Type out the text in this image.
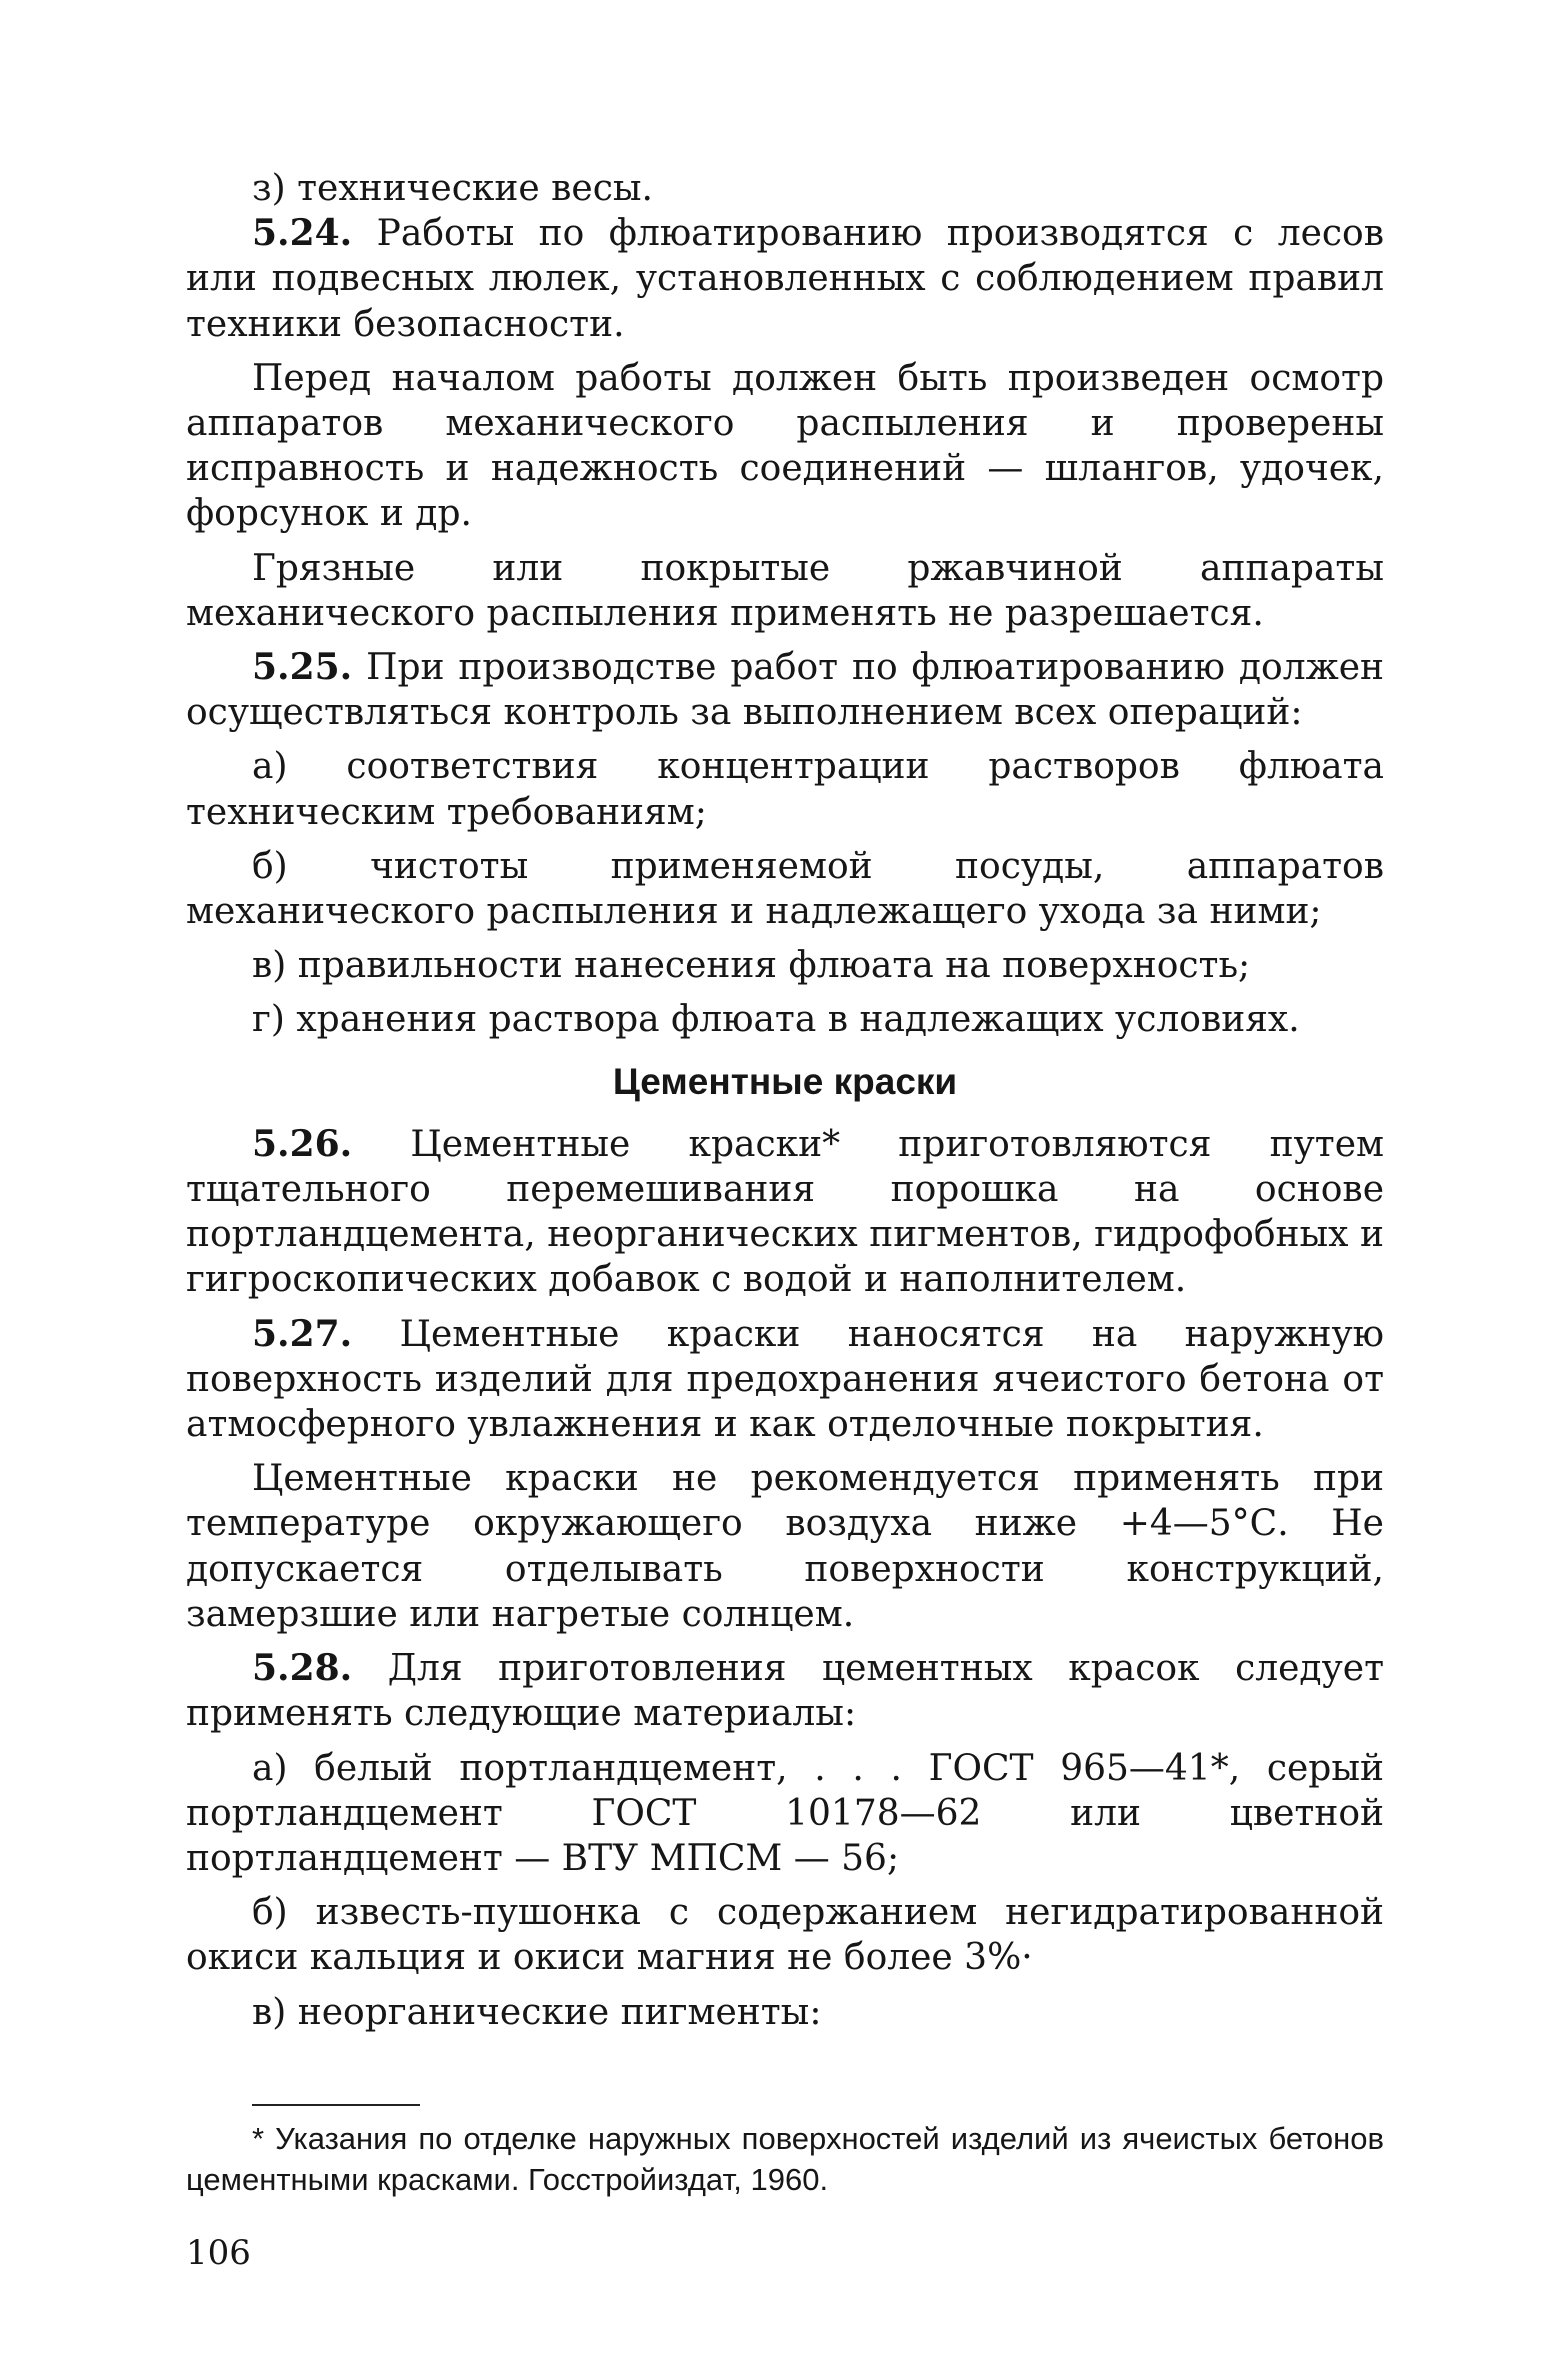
з) технические весы.

5.24. Работы по флюатированию производятся с лесов или подвесных люлек, установленных с соблюдением правил техники безопасности.

Перед началом работы должен быть произведен осмотр аппаратов механического распыления и проверены исправность и надежность соединений — шлангов, удочек, форсунок и др.

Грязные или покрытые ржавчиной аппараты механического распыления применять не разрешается.

5.25. При производстве работ по флюатированию должен осуществляться контроль за выполнением всех операций:

а) соответствия концентрации растворов флюата техническим требованиям;

б) чистоты применяемой посуды, аппаратов механического распыления и надлежащего ухода за ними;

в) правильности нанесения флюата на поверхность;

г) хранения раствора флюата в надлежащих условиях.

Цементные краски

5.26. Цементные краски* приготовляются путем тщательного перемешивания порошка на основе портландцемента, неорганических пигментов, гидрофобных и гигроскопических добавок с водой и наполнителем.

5.27. Цементные краски наносятся на наружную поверхность изделий для предохранения ячеистого бетона от атмосферного увлажнения и как отделочные покрытия.

Цементные краски не рекомендуется применять при температуре окружающего воздуха ниже +4—5°С. Не допускается отделывать поверхности конструкций, замерзшие или нагретые солнцем.

5.28. Для приготовления цементных красок следует применять следующие материалы:

а) белый портландцемент, . . . ГОСТ 965—41*, серый портландцемент ГОСТ 10178—62 или цветной портландцемент — ВТУ МПСМ — 56;

б) известь-пушонка с содержанием негидратированной окиси кальция и окиси магния не более 3%·

в) неорганические пигменты:

* Указания по отделке наружных поверхностей изделий из ячеистых бетонов цементными красками. Госстройиздат, 1960.

106
